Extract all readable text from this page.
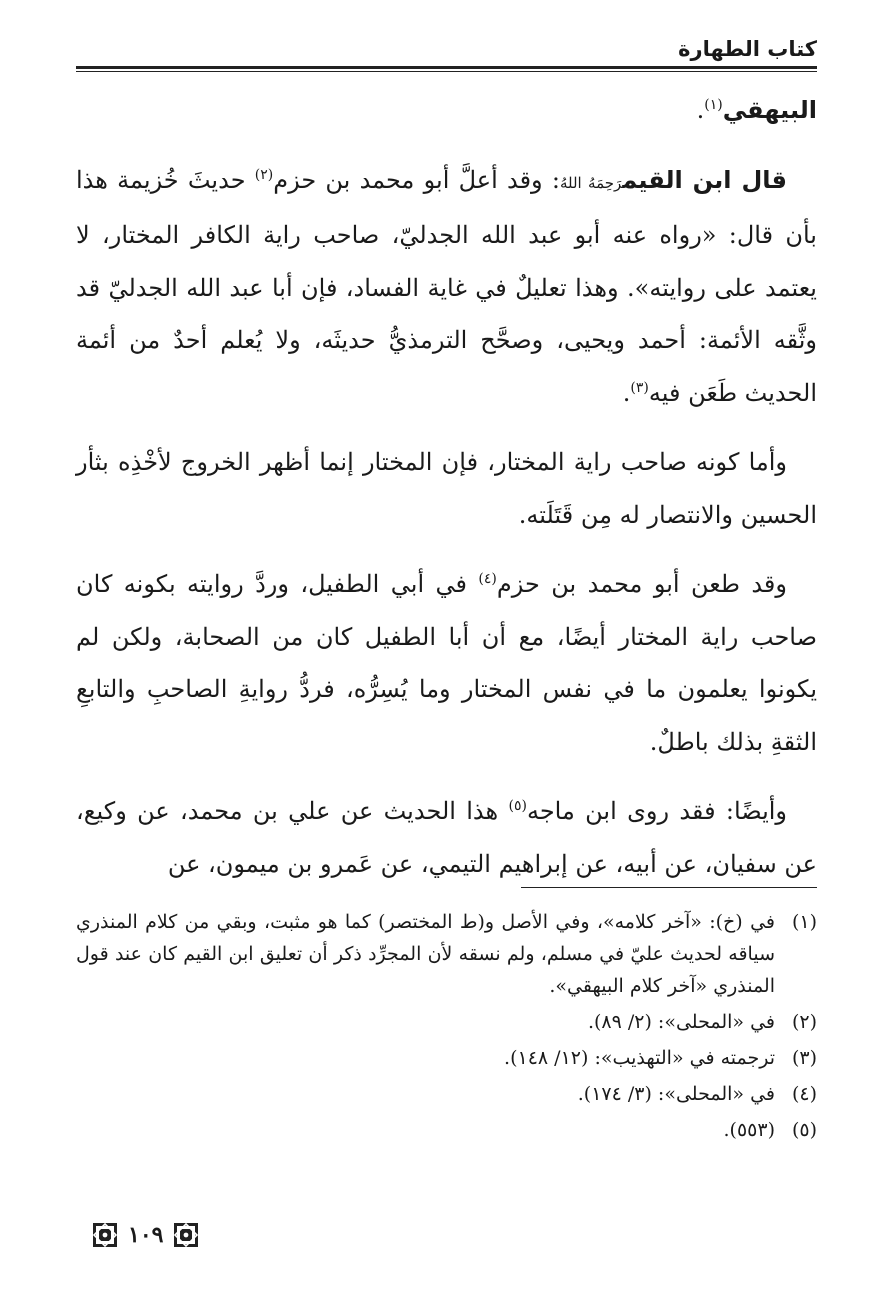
كتاب الطهارة

البيهقي$^{(١)}$.

قال ابن القيمرَحِمَهُ اللهُ: وقد أعلَّ أبو محمد بن حزم$^{(٢)}$ حديثَ خُزيمة هذا بأن قال: «رواه عنه أبو عبد الله الجدليّ، صاحب راية الكافر المختار، لا يعتمد على روايته». وهذا تعليلٌ في غاية الفساد، فإن أبا عبد الله الجدليّ قد وثَّقه الأئمة: أحمد ويحيى، وصحَّح الترمذيُّ حديثَه، ولا يُعلم أحدٌ من أئمة الحديث طَعَن فيه$^{(٣)}$.

وأما كونه صاحب راية المختار، فإن المختار إنما أظهر الخروج لأخْذِه بثأر الحسين والانتصار له مِن قَتَلَته.

وقد طعن أبو محمد بن حزم$^{(٤)}$ في أبي الطفيل، وردَّ روايته بكونه كان صاحب راية المختار أيضًا، مع أن أبا الطفيل كان من الصحابة، ولكن لم يكونوا يعلمون ما في نفس المختار وما يُسِرُّه، فردُّ روايةِ الصاحبِ والتابعِ الثقةِ بذلك باطلٌ.

وأيضًا: فقد روى ابن ماجه$^{(٥)}$ هذا الحديث عن علي بن محمد، عن وكيع، عن سفيان، عن أبيه، عن إبراهيم التيمي، عن عَمرو بن ميمون، عن

(١)
في (خ): «آخر كلامه»، وفي الأصل و(ط المختصر) كما هو مثبت، وبقي من كلام المنذري سياقه لحديث عليّ في مسلم، ولم نسقه لأن المجرِّد ذكر أن تعليق ابن القيم كان عند قول المنذري «آخر كلام البيهقي».
(٢)
في «المحلى»: (٢/ ٨٩).
(٣)
ترجمته في «التهذيب»: (١٢/ ١٤٨).
(٤)
في «المحلى»: (٣/ ١٧٤).
(٥)
(٥٥٣).
١٠٩
